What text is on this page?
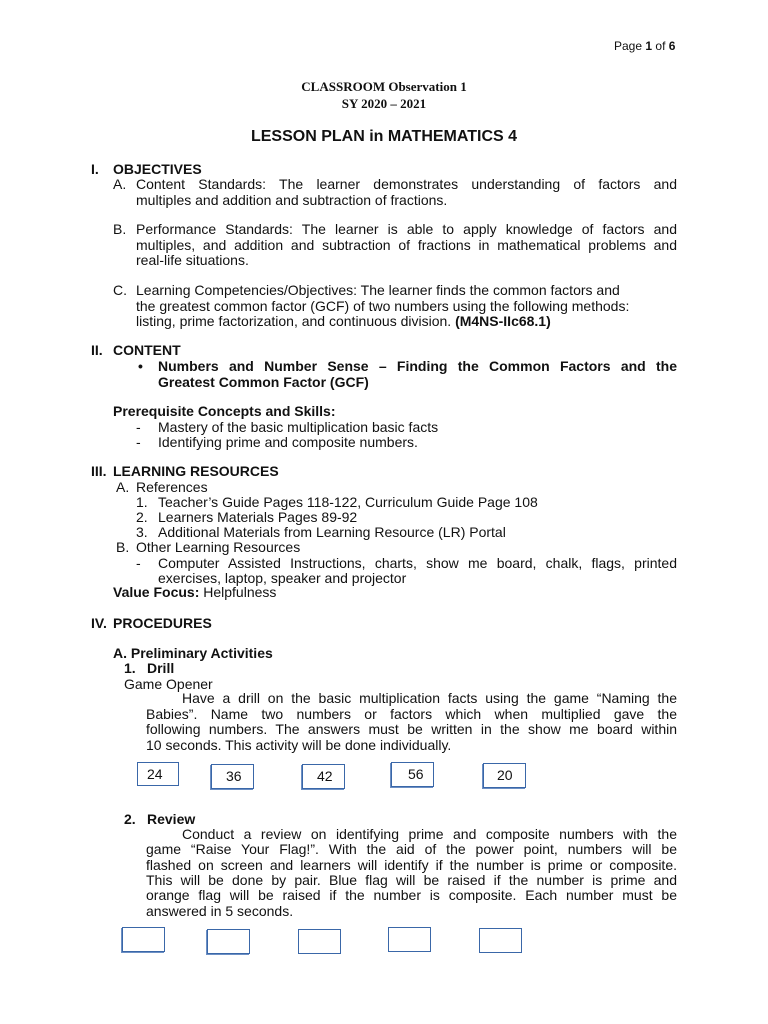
Page 1 of 6
CLASSROOM Observation 1
SY 2020 – 2021
LESSON PLAN in MATHEMATICS 4
I. OBJECTIVES
A. Content Standards: The learner demonstrates understanding of factors and
multiples and addition and subtraction of fractions.
B. Performance Standards: The learner is able to apply knowledge of factors and
multiples, and addition and subtraction of fractions in mathematical problems and
real-life situations.
C. Learning Competencies/Objectives: The learner finds the common factors and
the greatest common factor (GCF) of two numbers using the following methods:
listing, prime factorization, and continuous division. (M4NS-IIc68.1)
II. CONTENT
• Numbers and Number Sense – Finding the Common Factors and the
Greatest Common Factor (GCF)
Prerequisite Concepts and Skills:
- Mastery of the basic multiplication basic facts
- Identifying prime and composite numbers.
III. LEARNING RESOURCES
A. References
1. Teacher’s Guide Pages 118-122, Curriculum Guide Page 108
2. Learners Materials Pages 89-92
3. Additional Materials from Learning Resource (LR) Portal
B. Other Learning Resources
- Computer Assisted Instructions, charts, show me board, chalk, flags, printed
exercises, laptop, speaker and projector
Value Focus: Helpfulness
IV. PROCEDURES
A. Preliminary Activities
1. Drill
Game Opener
Have a drill on the basic multiplication facts using the game “Naming the
Babies”. Name two numbers or factors which when multiplied gave the
following numbers. The answers must be written in the show me board within
10 seconds. This activity will be done individually.
24	36	42	56	20
2. Review
Conduct a review on identifying prime and composite numbers with the
game “Raise Your Flag!”. With the aid of the power point, numbers will be
flashed on screen and learners will identify if the number is prime or composite.
This will be done by pair. Blue flag will be raised if the number is prime and
orange flag will be raised if the number is composite. Each number must be
answered in 5 seconds.
